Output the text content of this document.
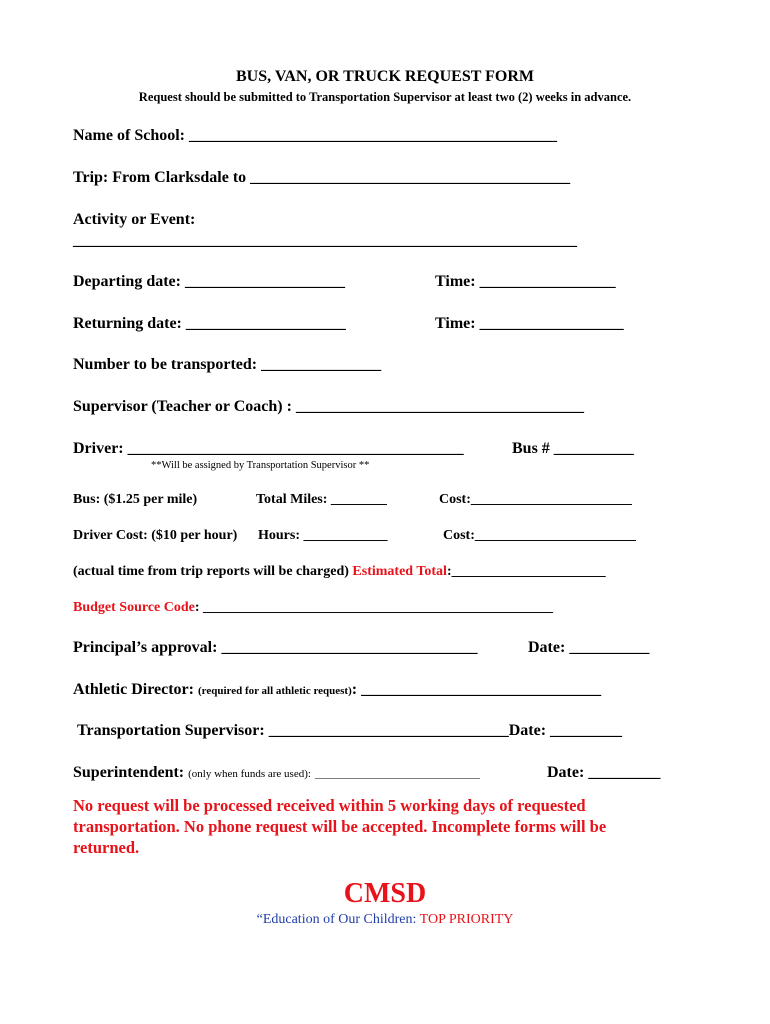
BUS, VAN, OR TRUCK REQUEST FORM
Request should be submitted to Transportation Supervisor at least two (2) weeks in advance.
Name of School: ______________________________________________
Trip: From Clarksdale to ________________________________________
Activity or Event:
_______________________________________________________________
Departing date: ____________________	Time: _________________
Returning date: ____________________	Time: __________________
Number to be transported: _______________
Supervisor (Teacher or Coach) : ____________________________________
Driver: __________________________________________	Bus # __________
**Will be assigned by Transportation Supervisor **
Bus: ($1.25 per mile)	Total Miles: ________	Cost:_______________________
Driver Cost: ($10 per hour) Hours: ____________	Cost:_______________________
(actual time from trip reports will be charged) Estimated Total:______________________
Budget Source Code: __________________________________________________
Principal’s approval: ________________________________	Date: __________
Athletic Director: (required for all athletic request): ______________________________
Transportation Supervisor: ______________________________Date: _________
Superintendent: (only when funds are used): ______________________________	Date: _________
No request will be processed received within 5 working days of requested transportation. No phone request will be accepted. Incomplete forms will be returned.
CMSD
“Education of Our Children: TOP PRIORITY
